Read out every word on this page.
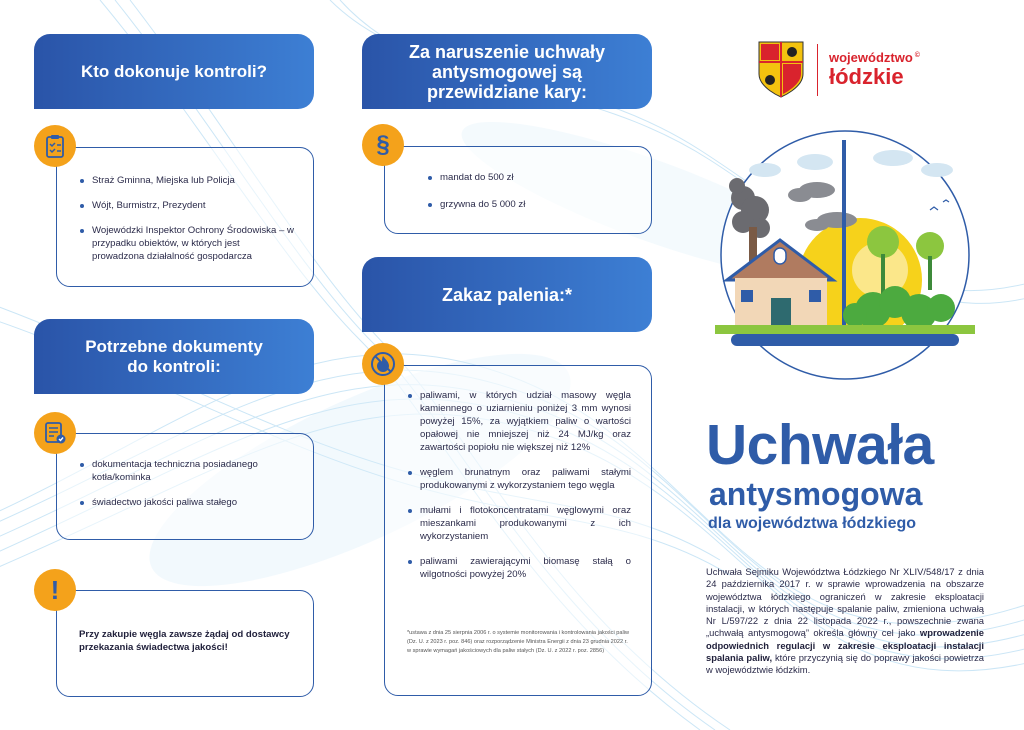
Straż Gminna, Miejska lub Policja
Wójt, Burmistrz, Prezydent
Wojewódzki Inspektor Ochrony Środowiska – w przypadku obiektów, w których jest prowadzona działalność gospodarcza
Kto dokonuje kontroli?
dokumentacja techniczna posiadanego kotła/kominka
świadectwo jakości paliwa stałego
Potrzebne dokumenty do kontroli:
Przy zakupie węgla zawsze żądaj od dostawcy przekazania świadectwa jakości!
!
mandat do 500 zł
grzywna do 5 000 zł
Za naruszenie uchwały antysmogowej są przewidziane kary:
§
paliwami, w których udział masowy węgla kamiennego o uziarnieniu poniżej 3 mm wynosi powyżej 15%, za wyjątkiem paliw o wartości opałowej nie mniejszej niż 24 MJ/kg oraz zawartości popiołu nie większej niż 12%
węglem brunatnym oraz paliwami stałymi produkowanymi z wykorzystaniem tego węgla
mułami i flotokoncentratami węglowymi oraz mieszankami produkowanymi z ich wykorzystaniem
paliwami zawierającymi biomasę stałą o wilgotności powyżej 20%
*ustawa z dnia 25 sierpnia 2006 r. o systemie monitorowania i kontrolowania jakości paliw (Dz. U. z 2023 r. poz. 846) oraz rozporządzenie Ministra Energii z dnia 23 grudnia 2022 r. w sprawie wymagań jakościowych dla paliw stałych (Dz. U. z 2022 r. poz. 2856)
Zakaz palenia:*
województwo ©
łódzkie
Uchwała
antysmogowa
dla województwa łódzkiego
Uchwała Sejmiku Województwa Łódzkiego Nr XLIV/548/17 z dnia 24 października 2017 r. w sprawie wprowadzenia na obszarze województwa łódzkiego ograniczeń w zakresie eksploatacji instalacji, w których następuje spalanie paliw, zmieniona uchwałą Nr L/597/22 z dnia 22 listopada 2022 r., powszechnie zwana „uchwałą antysmogową” określa główny cel jako wprowadzenie odpowiednich regulacji w zakresie eksploatacji instalacji spalania paliw, które przyczynią się do poprawy jakości powietrza w województwie łódzkim.
